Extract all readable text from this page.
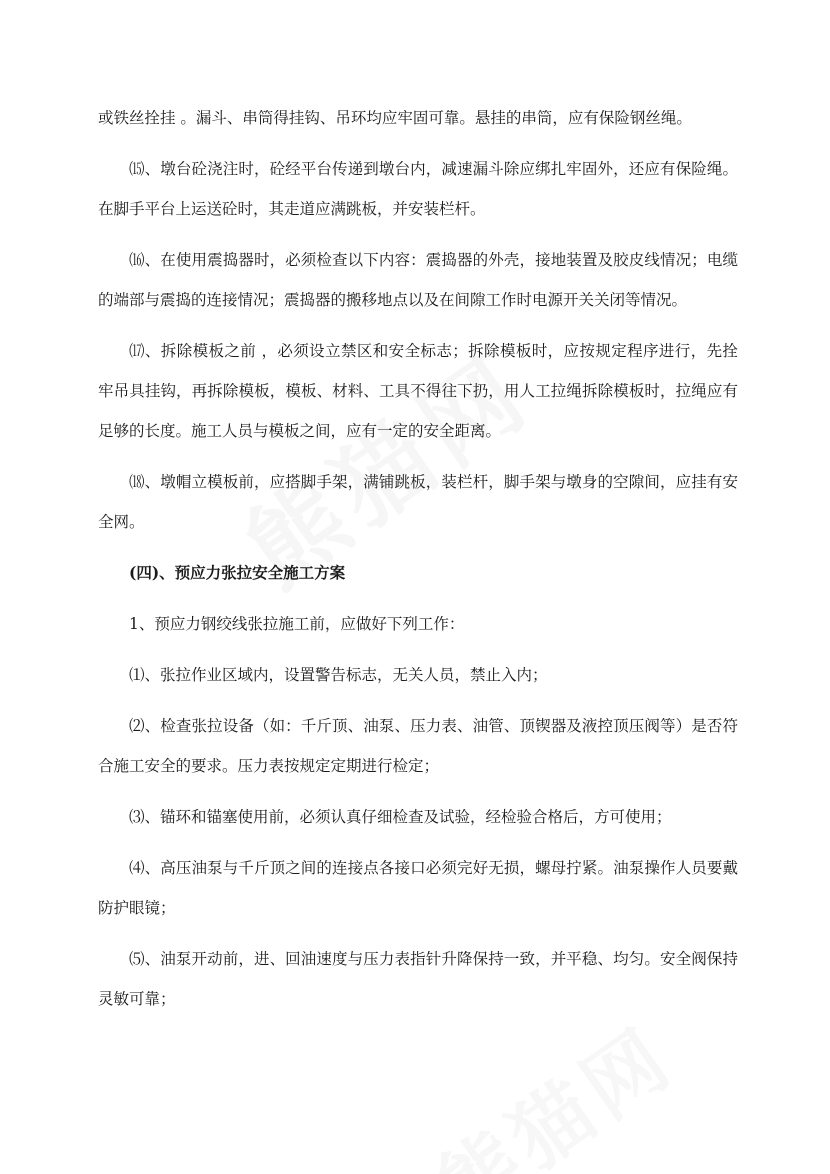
或铁丝拴挂 。漏斗、串筒得挂钩、吊环均应牢固可靠。悬挂的串筒，应有保险钢丝绳。

⒂、墩台砼浇注时，砼经平台传递到墩台内，减速漏斗除应绑扎牢固外，还应有保险绳。在脚手平台上运送砼时，其走道应满跳板，并安装栏杆。

⒃、在使用震捣器时，必须检查以下内容：震捣器的外壳，接地装置及胶皮线情况；电缆的端部与震捣的连接情况；震捣器的搬移地点以及在间隙工作时电源开关关闭等情况。

⒄、拆除模板之前 ，必须设立禁区和安全标志；拆除模板时，应按规定程序进行，先拴牢吊具挂钩，再拆除模板，模板、材料、工具不得往下扔，用人工拉绳拆除模板时，拉绳应有足够的长度。施工人员与模板之间，应有一定的安全距离。

⒅、墩帽立模板前，应搭脚手架，满铺跳板，装栏杆，脚手架与墩身的空隙间，应挂有安全网。

(四)、预应力张拉安全施工方案

1、预应力钢绞线张拉施工前，应做好下列工作：

⑴、张拉作业区域内，设置警告标志，无关人员，禁止入内；

⑵、检查张拉设备（如：千斤顶、油泵、压力表、油管、顶锲器及液控顶压阀等）是否符合施工安全的要求。压力表按规定定期进行检定；

⑶、锚环和锚塞使用前，必须认真仔细检查及试验，经检验合格后，方可使用；

⑷、高压油泵与千斤顶之间的连接点各接口必须完好无损，螺母拧紧。油泵操作人员要戴防护眼镜；

⑸、油泵开动前，进、回油速度与压力表指针升降保持一致，并平稳、均匀。安全阀保持灵敏可靠；
